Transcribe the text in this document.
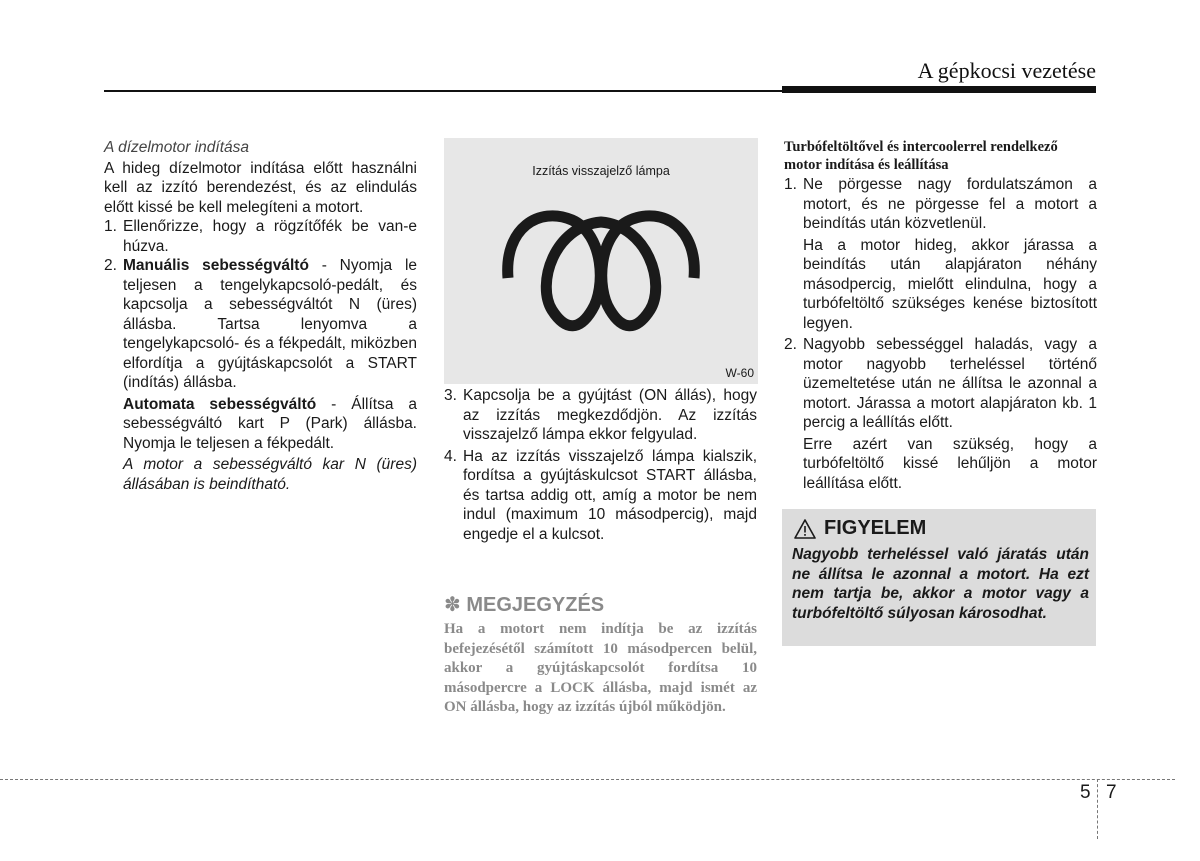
A gépkocsi vezetése
A dízelmotor indítása

A hideg dízelmotor indítása előtt használni kell az izzító berendezést, és az elindulás előtt kissé be kell melegíteni a motort.

1. Ellenőrizze, hogy a rögzítőfék be van-e húzva.
2. Manuális sebességváltó - Nyomja le teljesen a tengelykapcsoló-pedált, és kapcsolja a sebességváltót N (üres) állásba. Tartsa lenyomva a tengelykapcsoló- és a fékpedált, miközben elfordítja a gyújtáskapcsolót a START (indítás) állásba.
Automata sebességváltó - Állítsa a sebességváltó kart P (Park) állásba. Nyomja le teljesen a fékpedált.
A motor a sebességváltó kar N (üres) állásában is beindítható.
Izzítás visszajelző lámpa
W-60
3. Kapcsolja be a gyújtást (ON állás), hogy az izzítás megkezdődjön. Az izzítás visszajelző lámpa ekkor felgyulad.
4. Ha az izzítás visszajelző lámpa kialszik, fordítsa a gyújtáskulcsot START állásba, és tartsa addig ott, amíg a motor be nem indul (maximum 10 másodpercig), majd engedje el a kulcsot.
✽ MEGJEGYZÉS
Ha a motort nem indítja be az izzítás befejezésétől számított 10 másodpercen belül, akkor a gyújtáskapcsolót fordítsa 10 másodpercre a LOCK állásba, majd ismét az ON állásba, hogy az izzítás újból működjön.
Turbófeltöltővel és intercoolerrel rendelkező motor indítása és leállítása
1. Ne pörgesse nagy fordulatszámon a motort, és ne pörgesse fel a motort a beindítás után közvetlenül.
Ha a motor hideg, akkor járassa a beindítás után alapjáraton néhány másodpercig, mielőtt elindulna, hogy a turbófeltöltő szükséges kenése biztosított legyen.
2. Nagyobb sebességgel haladás, vagy a motor nagyobb terheléssel történő üzemeltetése után ne állítsa le azonnal a motort. Járassa a motort alapjáraton kb. 1 percig a leállítás előtt.
Erre azért van szükség, hogy a turbófeltöltő kissé lehűljön a motor leállítása előtt.
FIGYELEM
Nagyobb terheléssel való járatás után ne állítsa le azonnal a motort. Ha ezt nem tartja be, akkor a motor vagy a turbófeltöltő súlyosan károsodhat.
5 7
